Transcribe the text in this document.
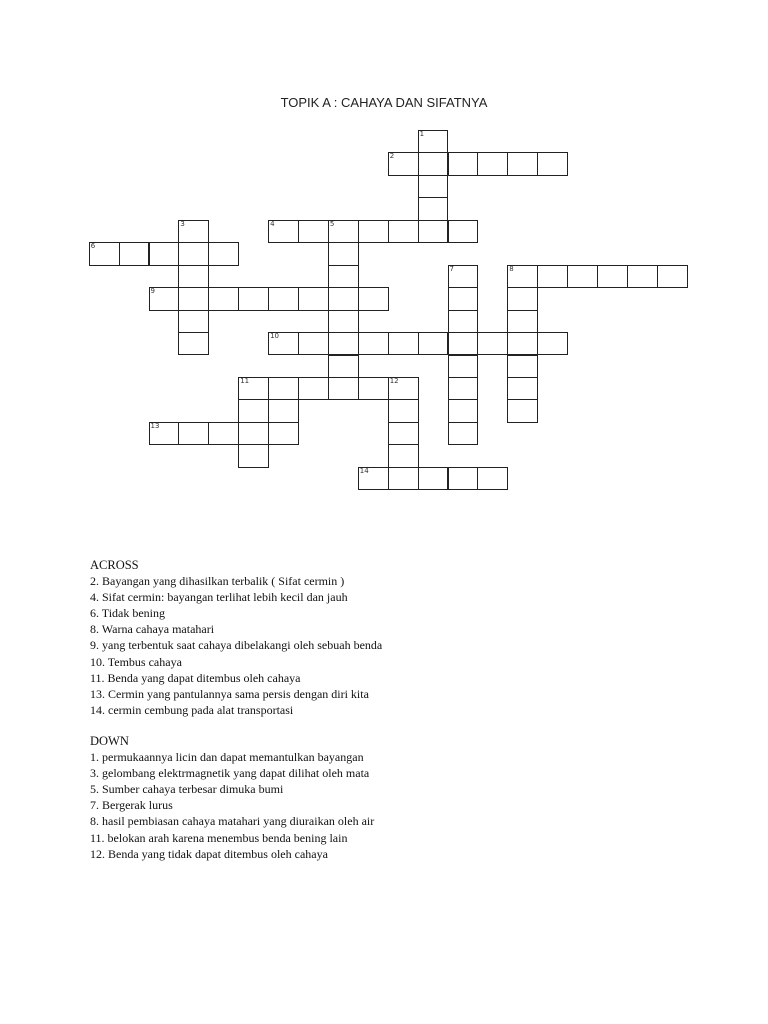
TOPIK A : CAHAYA DAN SIFATNYA
1
2
3	4	5
6
7	8
9
10
11	12
13
14

ACROSS

2. Bayangan yang dihasilkan terbalik ( Sifat cermin )
4. Sifat cermin: bayangan terlihat lebih kecil dan jauh
6. Tidak bening
8. Warna cahaya matahari
9. yang terbentuk saat cahaya dibelakangi oleh sebuah benda
10. Tembus cahaya
11. Benda yang dapat ditembus oleh cahaya
13. Cermin yang pantulannya sama persis dengan diri kita
14. cermin cembung pada alat transportasi

DOWN

1. permukaannya licin dan dapat memantulkan bayangan
3. gelombang elektrmagnetik yang dapat dilihat oleh mata
5. Sumber cahaya terbesar dimuka bumi
7. Bergerak lurus
8. hasil pembiasan cahaya matahari yang diuraikan oleh air
11. belokan arah karena menembus benda bening lain
12. Benda yang tidak dapat ditembus oleh cahaya
